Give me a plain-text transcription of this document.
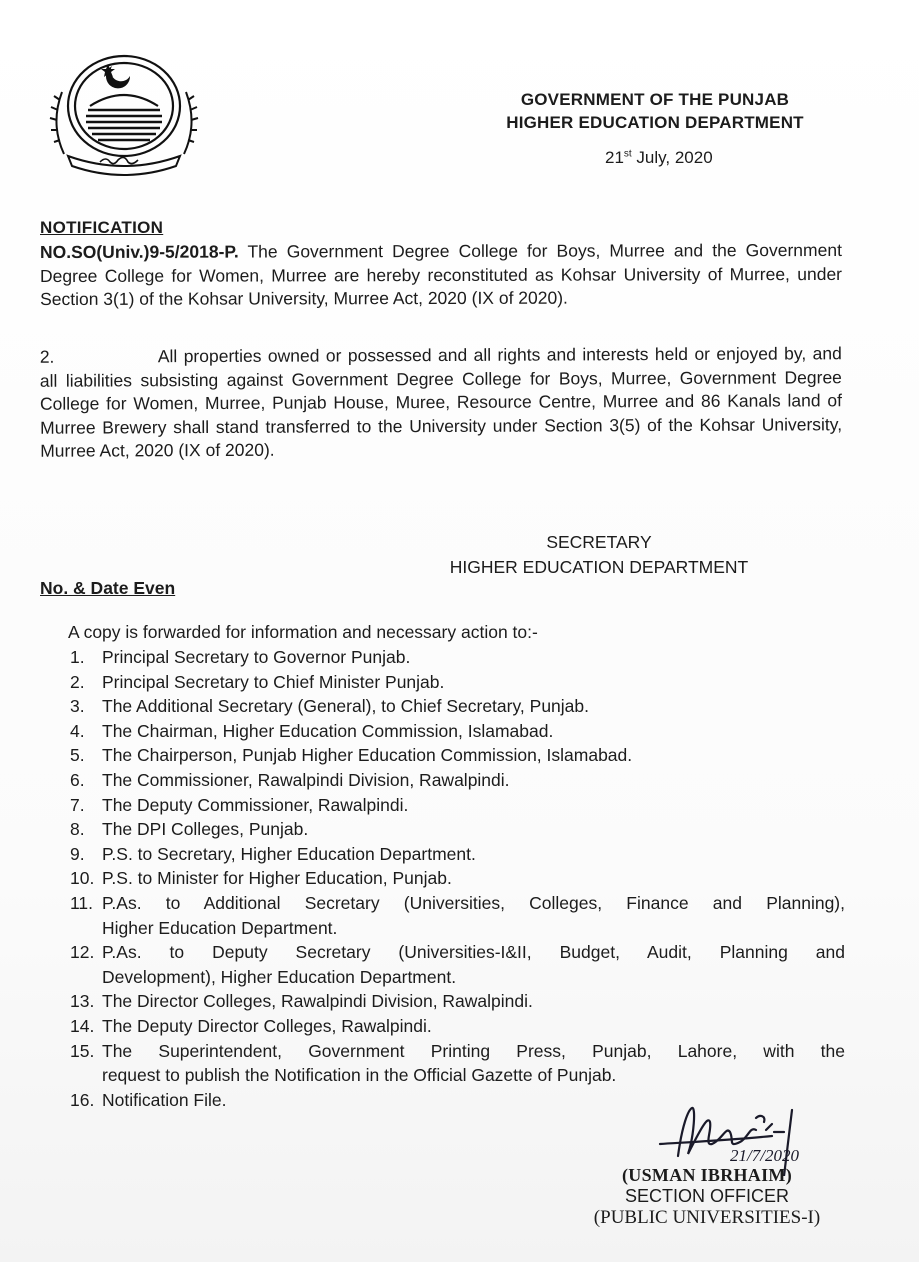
GOVERNMENT OF THE PUNJAB
HIGHER EDUCATION DEPARTMENT
21st July, 2020
NOTIFICATION
NO.SO(Univ.)9-5/2018-P. The Government Degree College for Boys, Murree and the Government Degree College for Women, Murree are hereby reconstituted as Kohsar University of Murree, under Section 3(1) of the Kohsar University, Murree Act, 2020 (IX of 2020).
2.	All properties owned or possessed and all rights and interests held or enjoyed by, and all liabilities subsisting against Government Degree College for Boys, Murree, Government Degree College for Women, Murree, Punjab House, Muree, Resource Centre, Murree and 86 Kanals land of Murree Brewery shall stand transferred to the University under Section 3(5) of the Kohsar University, Murree Act, 2020 (IX of 2020).
SECRETARY
HIGHER EDUCATION DEPARTMENT
No. & Date Even
A copy is forwarded for information and necessary action to:-
1. Principal Secretary to Governor Punjab.
2. Principal Secretary to Chief Minister Punjab.
3. The Additional Secretary (General), to Chief Secretary, Punjab.
4. The Chairman, Higher Education Commission, Islamabad.
5. The Chairperson, Punjab Higher Education Commission, Islamabad.
6. The Commissioner, Rawalpindi Division, Rawalpindi.
7. The Deputy Commissioner, Rawalpindi.
8. The DPI Colleges, Punjab.
9. P.S. to Secretary, Higher Education Department.
10. P.S. to Minister for Higher Education, Punjab.
11. P.As. to Additional Secretary (Universities, Colleges, Finance and Planning),
Higher Education Department.
12. P.As. to Deputy Secretary (Universities-I&II, Budget, Audit, Planning and
Development), Higher Education Department.
13. The Director Colleges, Rawalpindi Division, Rawalpindi.
14. The Deputy Director Colleges, Rawalpindi.
15. The Superintendent, Government Printing Press, Punjab, Lahore, with the
request to publish the Notification in the Official Gazette of Punjab.
16. Notification File.
21/7/2020
(USMAN IBRHAIM)
SECTION OFFICER
(PUBLIC UNIVERSITIES-I)
